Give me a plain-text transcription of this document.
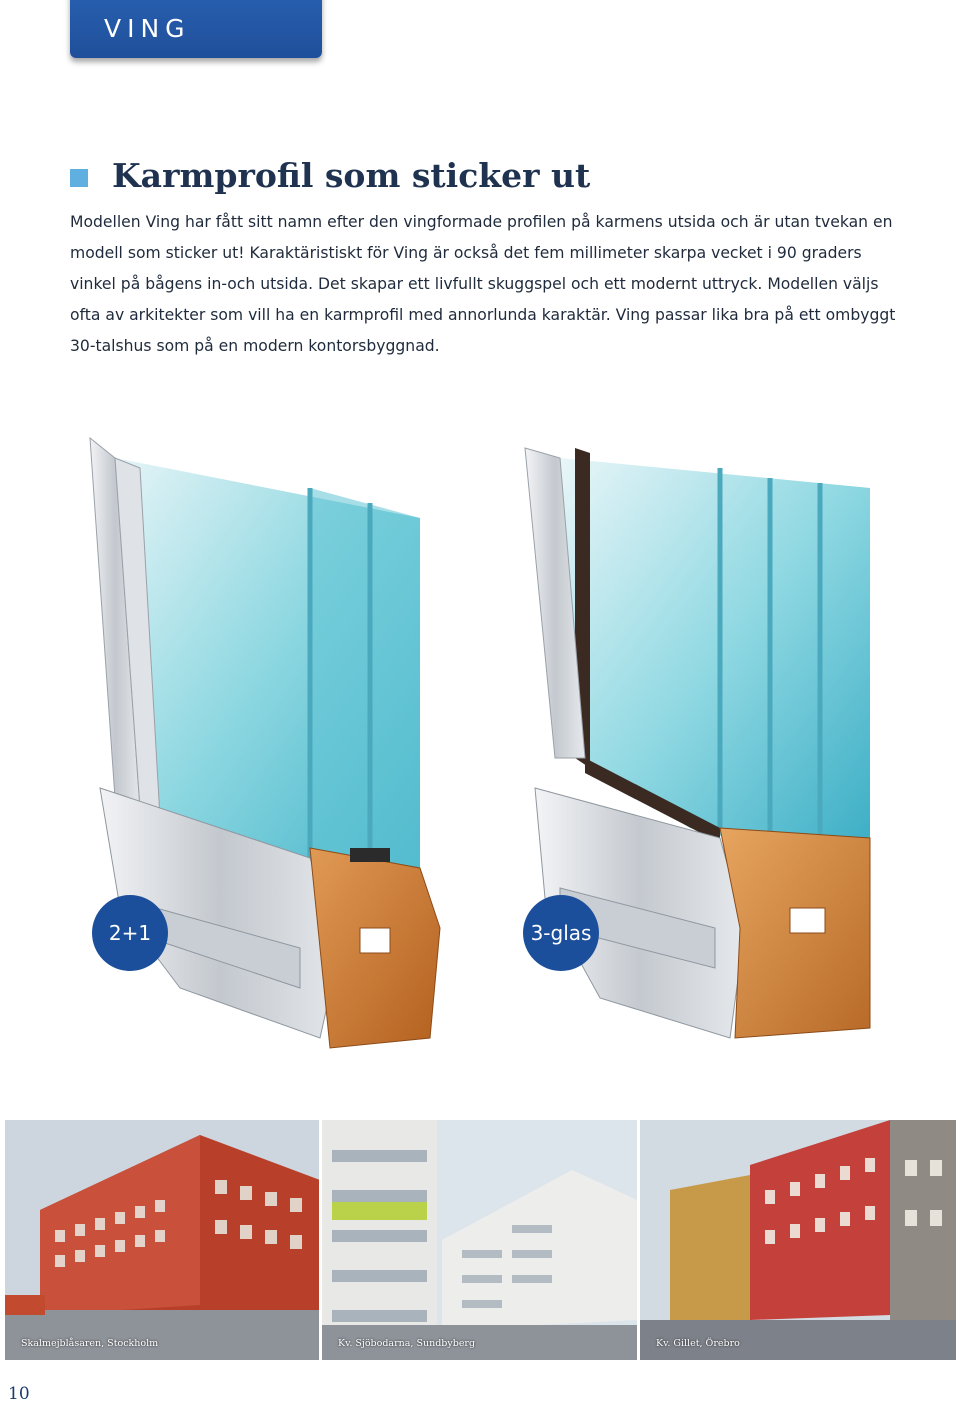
VING
Karmprofil som sticker ut

Modellen Ving har fått sitt namn efter den vingformade profilen på karmens utsida och är utan tvekan en modell som sticker ut! Karaktäristiskt för Ving är också det fem millimeter skarpa vecket i 90 graders vinkel på bågens in-och utsida. Det skapar ett livfullt skuggspel och ett modernt uttryck. Modellen väljs ofta av arkitekter som vill ha en karmprofil med annorlunda karaktär. Ving passar lika bra på ett ombyggt 30-talshus som på en modern kontorsbyggnad.

2+1	3-glas

Skalmejblåsaren, Stockholm	Kv. Sjöbodarna, Sundbyberg	Kv. Gillet, Örebro

10
